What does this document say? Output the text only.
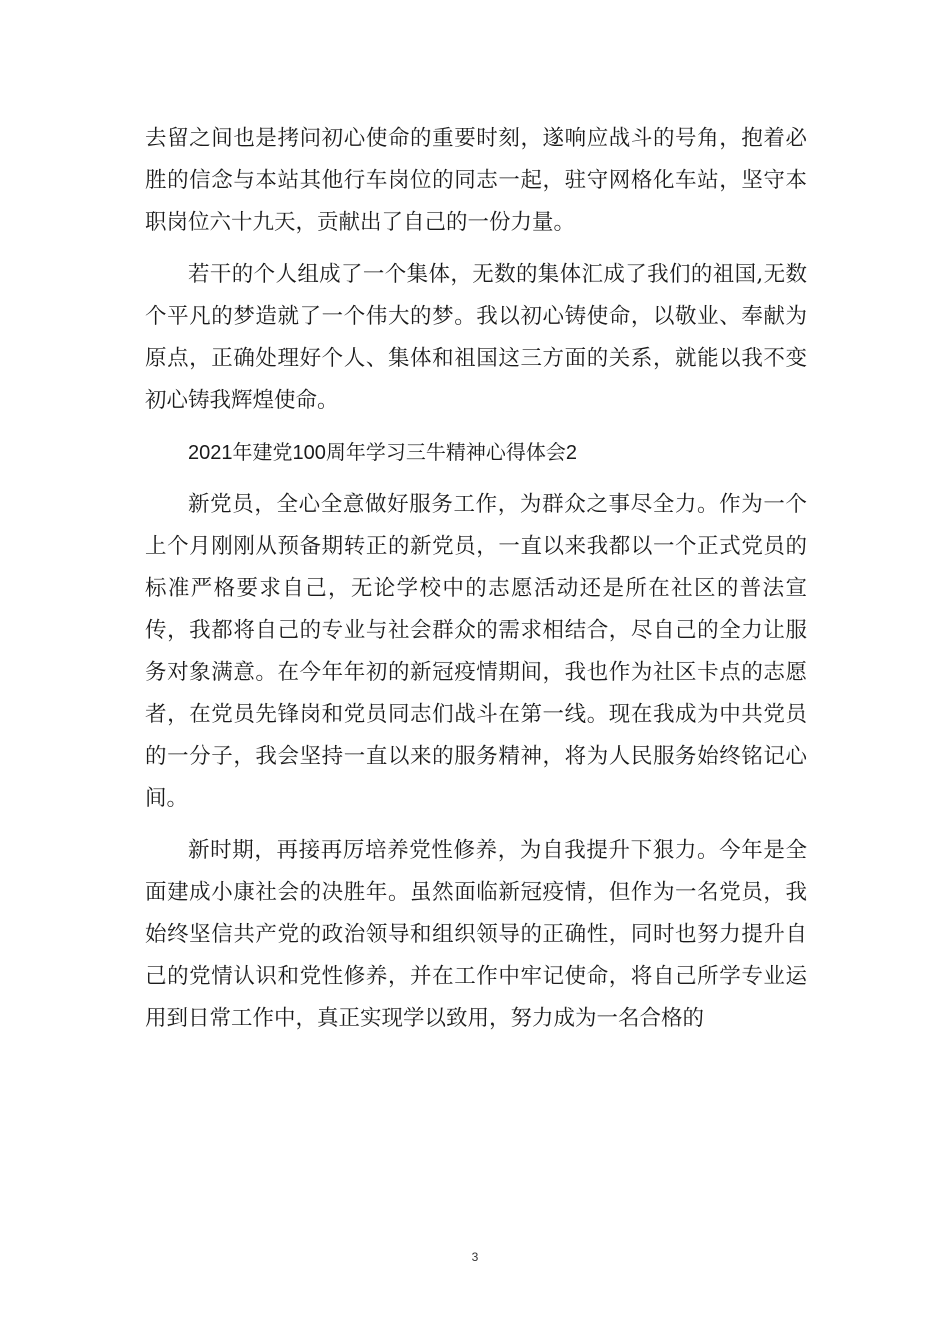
去留之间也是拷问初心使命的重要时刻，遂响应战斗的号角，抱着必胜的信念与本站其他行车岗位的同志一起，驻守网格化车站，坚守本职岗位六十九天，贡献出了自己的一份力量。

若干的个人组成了一个集体，无数的集体汇成了我们的祖国,无数个平凡的梦造就了一个伟大的梦。我以初心铸使命，以敬业、奉献为原点，正确处理好个人、集体和祖国这三方面的关系，就能以我不变初心铸我辉煌使命。

2021年建党100周年学习三牛精神心得体会2

新党员，全心全意做好服务工作，为群众之事尽全力。作为一个上个月刚刚从预备期转正的新党员，一直以来我都以一个正式党员的标准严格要求自己，无论学校中的志愿活动还是所在社区的普法宣传，我都将自己的专业与社会群众的需求相结合，尽自己的全力让服务对象满意。在今年年初的新冠疫情期间，我也作为社区卡点的志愿者，在党员先锋岗和党员同志们战斗在第一线。现在我成为中共党员的一分子，我会坚持一直以来的服务精神，将为人民服务始终铭记心间。

新时期，再接再厉培养党性修养，为自我提升下狠力。今年是全面建成小康社会的决胜年。虽然面临新冠疫情，但作为一名党员，我始终坚信共产党的政治领导和组织领导的正确性，同时也努力提升自己的党情认识和党性修养，并在工作中牢记使命，将自己所学专业运用到日常工作中，真正实现学以致用，努力成为一名合格的

3
